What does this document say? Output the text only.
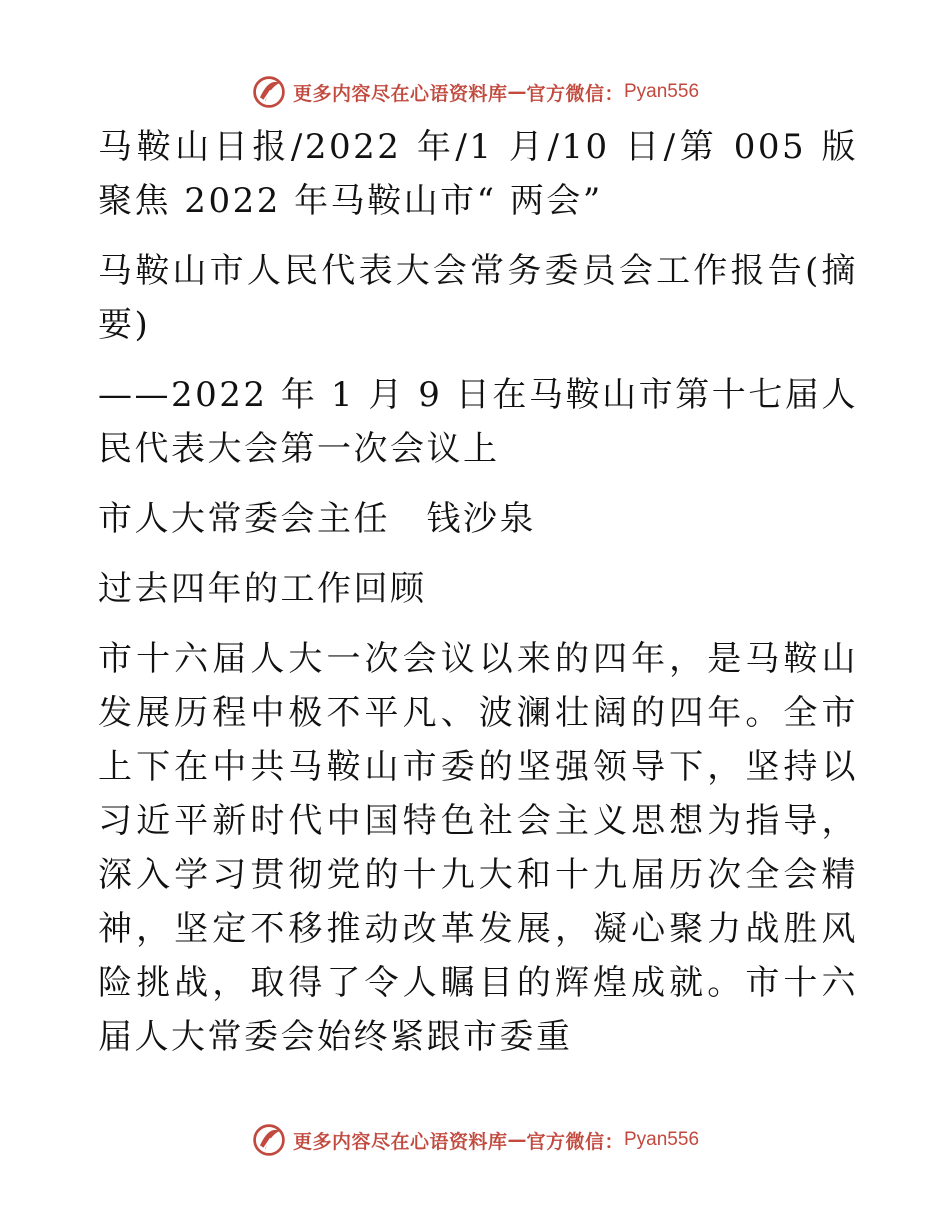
更多内容尽在心语资料库 — 官方微信： Pyan556

马鞍山日报/2022 年/1 月/10 日/第 005 版聚焦 2022 年马鞍山市“ 两会”

马鞍山市人民代表大会常务委员会工作报告(摘要)

——2022 年 1 月 9 日在马鞍山市第十七届人民代表大会第一次会议上

市人大常委会主任　钱沙泉

过去四年的工作回顾

市十六届人大一次会议以来的四年，是马鞍山发展历程中极不平凡、波澜壮阔的四年。全市上下在中共马鞍山市委的坚强领导下，坚持以习近平新时代中国特色社会主义思想为指导，深入学习贯彻党的十九大和十九届历次全会精神，坚定不移推动改革发展，凝心聚力战胜风险挑战，取得了令人瞩目的辉煌成就。市十六届人大常委会始终紧跟市委重

更多内容尽在心语资料库 — 官方微信： Pyan556
